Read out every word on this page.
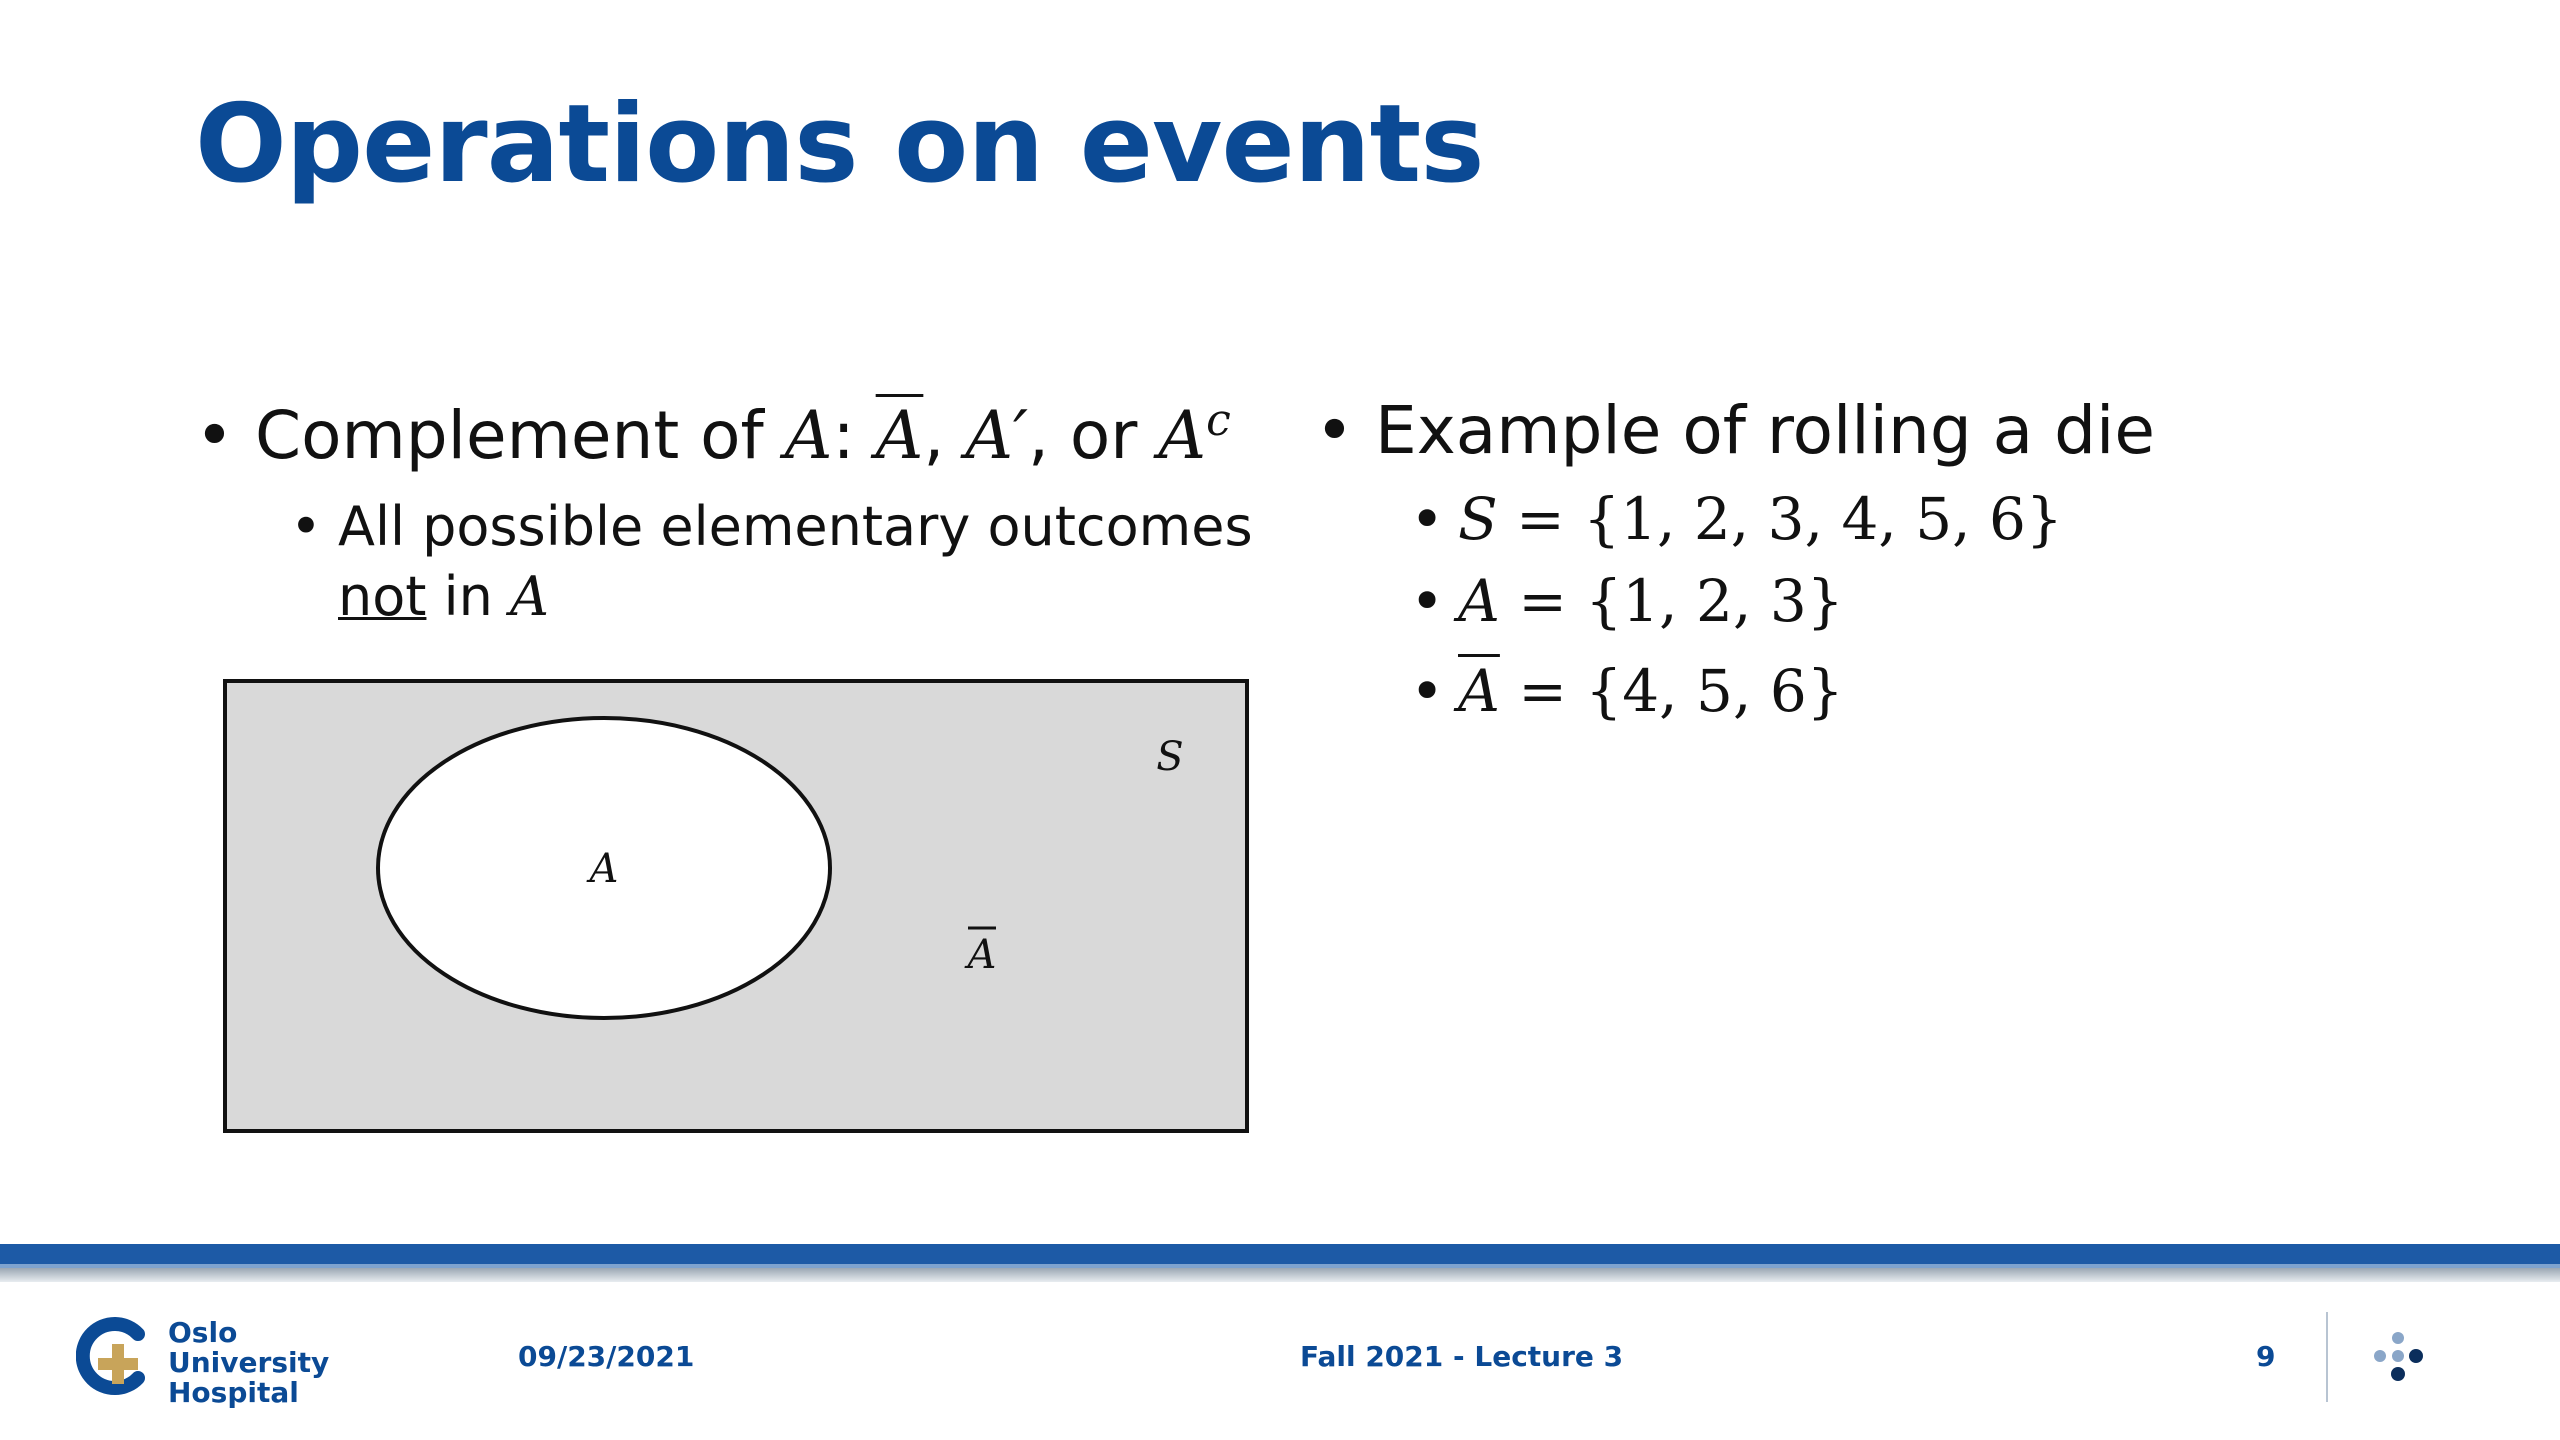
Operations on events
• Complement of A: $\overline{A}$, A′, or $A^c$
• All possible elementary outcomes
not in A
A
S
A
• Example of rolling a die
• S = {1, 2, 3, 4, 5, 6}
• A = {1, 2, 3}
• $\overline{A} = \{4$, 5, 6}
Oslo
University Hospital
09/23/2021	Fall 2021 - Lecture 3	9
